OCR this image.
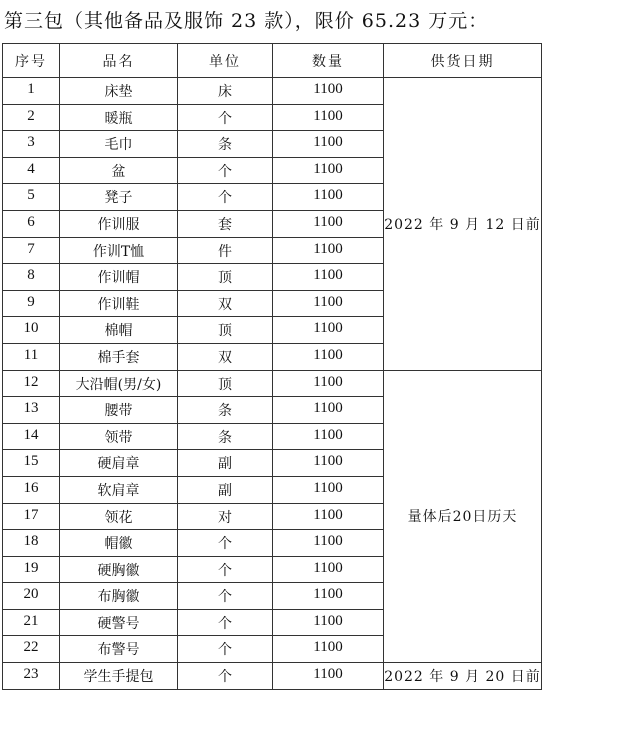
第三包（其他备品及服饰 23 款），限价 65.23 万元：
序号	品名	单位	数量	供货日期
1	床垫	床	1100	2022 年 9 月 12 日前
2	暖瓶	个	1100	
3	毛巾	条	1100	
4	盆	个	1100	
5	凳子	个	1100	
6	作训服	套	1100	
7	作训T恤	件	1100	
8	作训帽	顶	1100	
9	作训鞋	双	1100	
10	棉帽	顶	1100	
11	棉手套	双	1100	
12	大沿帽(男/女)	顶	1100	量体后20日历天
13	腰带	条	1100	
14	领带	条	1100	
15	硬肩章	副	1100	
16	软肩章	副	1100	
17	领花	对	1100	
18	帽徽	个	1100	
19	硬胸徽	个	1100	
20	布胸徽	个	1100	
21	硬警号	个	1100	
22	布警号	个	1100	
23	学生手提包	个	1100	2022 年 9 月 20 日前
